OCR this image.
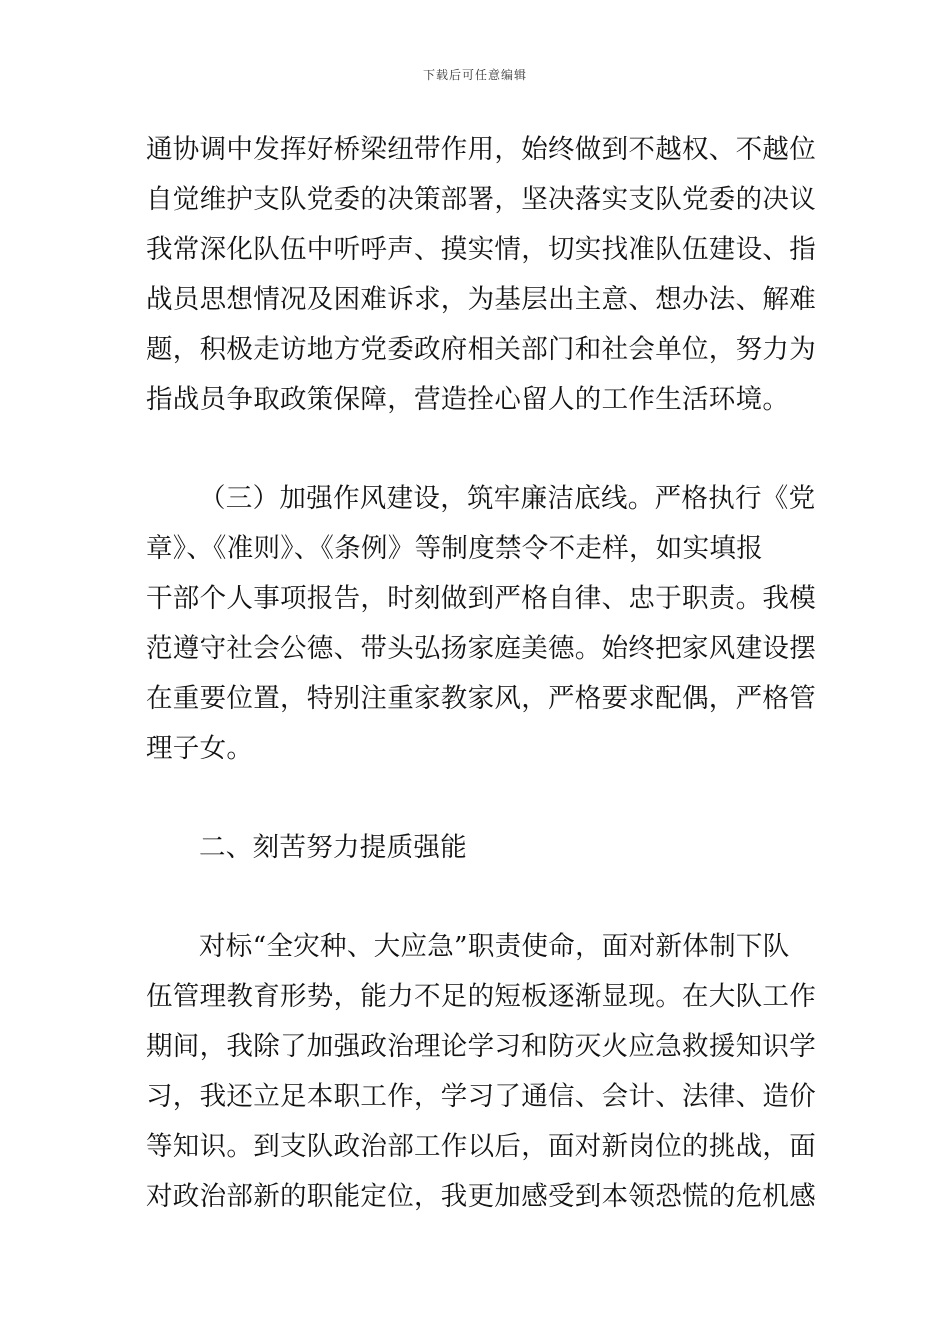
下载后可任意编辑
通协调中发挥好桥梁纽带作用，始终做到不越权、不越位
自觉维护支队党委的决策部署，坚决落实支队党委的决议
我常深化队伍中听呼声、摸实情，切实找准队伍建设、指
战员思想情况及困难诉求，为基层出主意、想办法、解难
题，积极走访地方党委政府相关部门和社会单位，努力为
指战员争取政策保障，营造拴心留人的工作生活环境。
（三）加强作风建设，筑牢廉洁底线。严格执行《党
章》、《准则》、《条例》等制度禁令不走样，如实填报
干部个人事项报告，时刻做到严格自律、忠于职责。我模
范遵守社会公德、带头弘扬家庭美德。始终把家风建设摆
在重要位置，特别注重家教家风，严格要求配偶，严格管
理子女。
二、刻苦努力提质强能
对标“全灾种、大应急”职责使命，面对新体制下队
伍管理教育形势，能力不足的短板逐渐显现。在大队工作
期间，我除了加强政治理论学习和防灭火应急救援知识学
习，我还立足本职工作，学习了通信、会计、法律、造价
等知识。到支队政治部工作以后，面对新岗位的挑战，面
对政治部新的职能定位，我更加感受到本领恐慌的危机感
